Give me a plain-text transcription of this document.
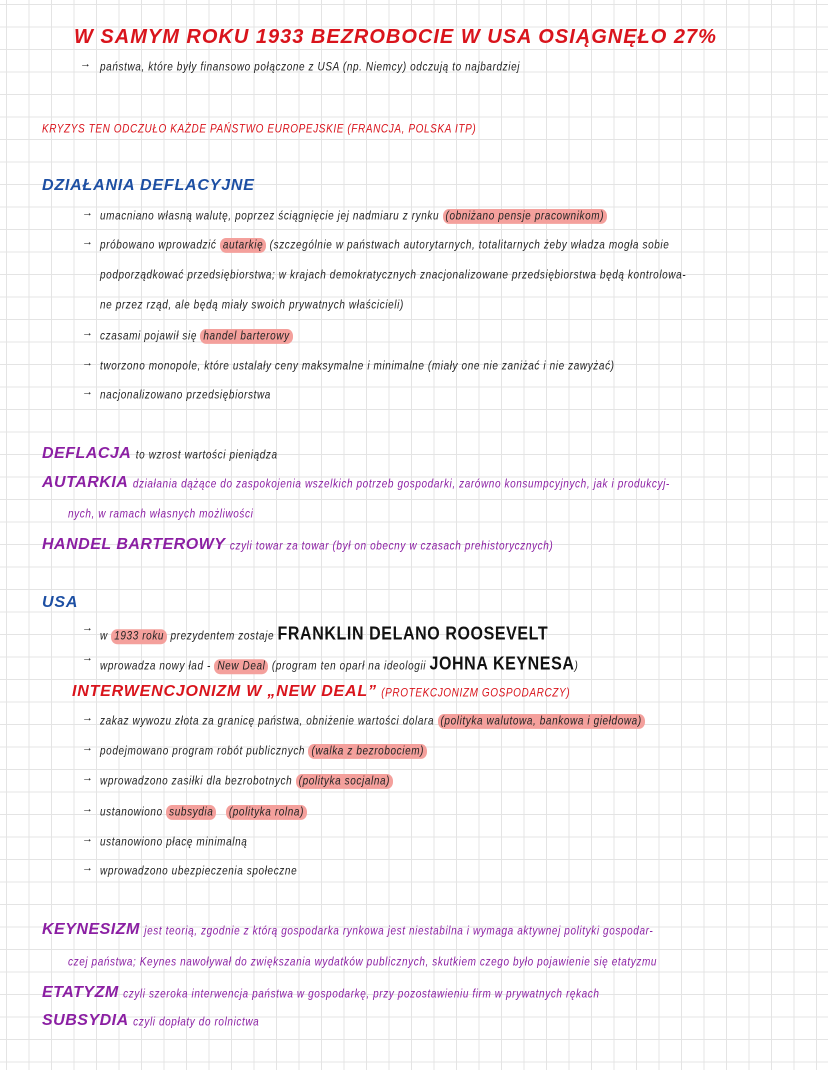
W SAMYM ROKU 1933 BEZROBOCIE W USA OSIĄGNĘŁO 27%
→ państwa, które były finansowo połączone z USA (np. Niemcy) odczują to najbardziej
KRYZYS TEN ODCZUŁO KAŻDE PAŃSTWO EUROPEJSKIE (FRANCJA, POLSKA ITP)
DZIAŁANIA DEFLACYJNE
→ umacniano własną walutę, poprzez ściągnięcie jej nadmiaru z rynku (obniżano pensje pracownikom)
→ próbowano wprowadzić autarkię (szczególnie w państwach autorytarnych, totalitarnych żeby władza mogła sobie
podporządkować przedsiębiorstwa; w krajach demokratycznych znacjonalizowane przedsiębiorstwa będą kontrolowa-
ne przez rząd, ale będą miały swoich prywatnych właścicieli)
→ czasami pojawił się handel barterowy
→ tworzono monopole, które ustalały ceny maksymalne i minimalne (miały one nie zaniżać i nie zawyżać)
→ nacjonalizowano przedsiębiorstwa
DEFLACJA to wzrost wartości pieniądza
AUTARKIA działania dążące do zaspokojenia wszelkich potrzeb gospodarki, zarówno konsumpcyjnych, jak i produkcyj-
nych, w ramach własnych możliwości
HANDEL BARTEROWY czyli towar za towar (był on obecny w czasach prehistorycznych)
USA
→
w 1933 roku prezydentem zostaje FRANKLIN DELANO ROOSEVELT
→
wprowadza nowy ład - New Deal (program ten oparł na ideologii JOHNA KEYNESA)
INTERWENCJONIZM W „NEW DEAL” (PROTEKCJONIZM GOSPODARCZY)
→ zakaz wywozu złota za granicę państwa, obniżenie wartości dolara (polityka walutowa, bankowa i giełdowa)
→ podejmowano program robót publicznych (walka z bezrobociem)
→ wprowadzono zasiłki dla bezrobotnych (polityka socjalna)
→ ustanowiono subsydia (polityka rolna)
→ ustanowiono płacę minimalną
→ wprowadzono ubezpieczenia społeczne
KEYNESIZM jest teorią, zgodnie z którą gospodarka rynkowa jest niestabilna i wymaga aktywnej polityki gospodar-
czej państwa; Keynes nawoływał do zwiększania wydatków publicznych, skutkiem czego było pojawienie się etatyzmu
ETATYZM czyli szeroka interwencja państwa w gospodarkę, przy pozostawieniu firm w prywatnych rękach
SUBSYDIA czyli dopłaty do rolnictwa
